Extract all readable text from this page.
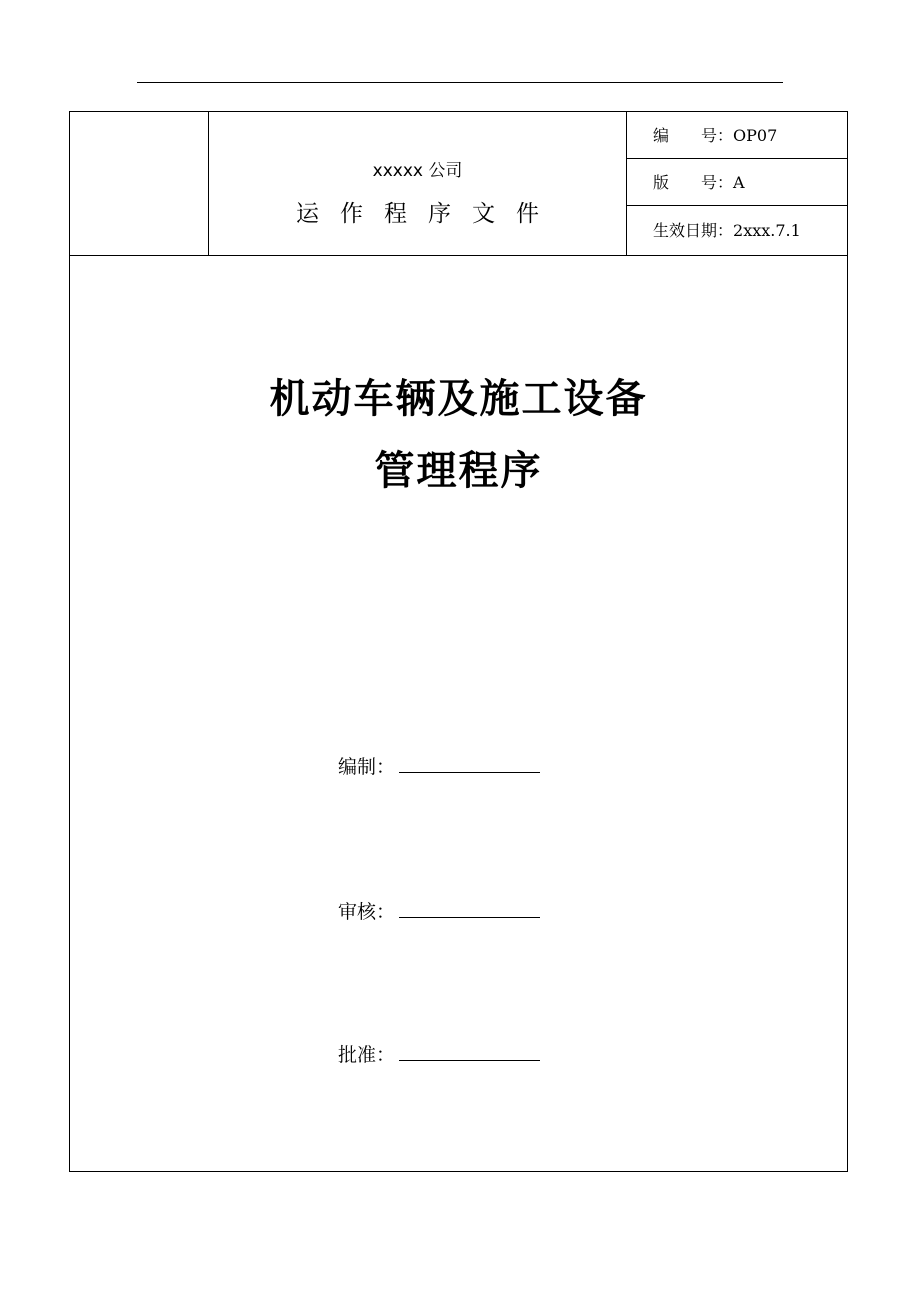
xxxxx 公司
运作程序文件
编　　号：OP07
版　　号：A
生效日期：2xxx.7.1
机动车辆及施工设备
管理程序
编制：
审核：
批准：
